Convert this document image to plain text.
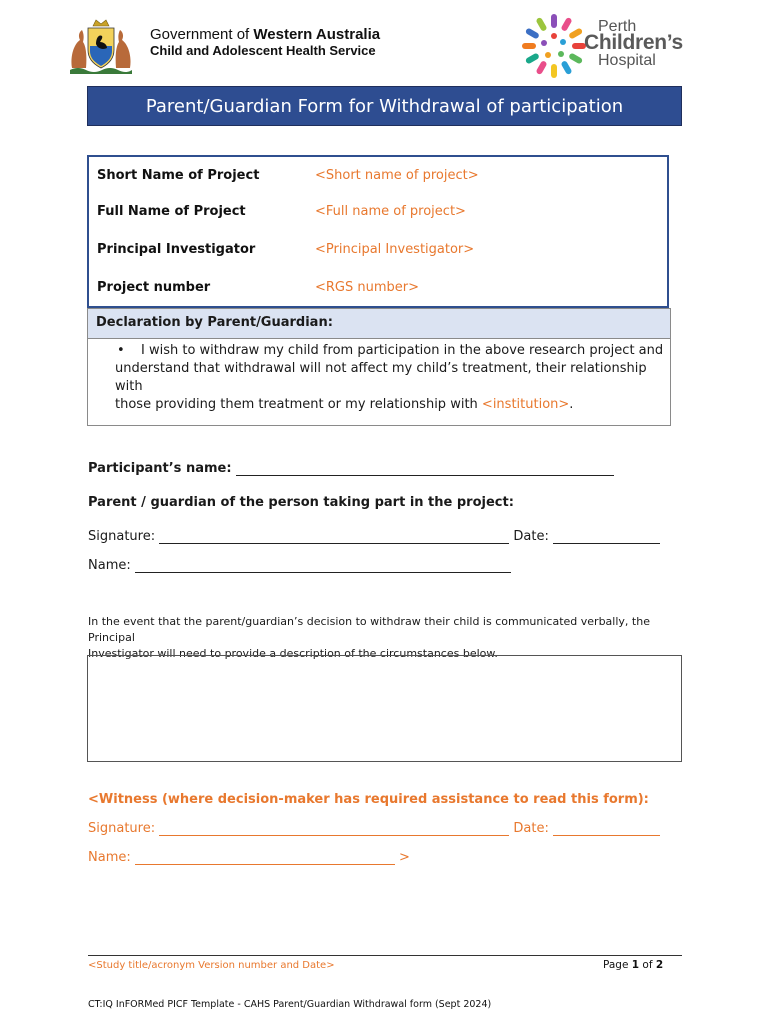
Government of Western Australia
Child and Adolescent Health Service
Perth
Children’s
Hospital
Parent/Guardian Form for Withdrawal of participation
Short Name of Project	<Short name of project>
Full Name of Project	<Full name of project>
Principal Investigator	<Principal Investigator>
Project number	<RGS number>
Declaration by Parent/Guardian:
• I wish to withdraw my child from participation in the above research project and
understand that withdrawal will not affect my child’s treatment, their relationship with
those providing them treatment or my relationship with <institution>.
Participant’s name:
Parent / guardian of the person taking part in the project:
Signature:	Date:
Name:
In the event that the parent/guardian’s decision to withdraw their child is communicated verbally, the Principal
Investigator will need to provide a description of the circumstances below.
<Witness (where decision-maker has required assistance to read this form):
Signature:	Date:
Name:	>
<Study title/acronym Version number and Date>	Page 1 of 2
CT:IQ InFORMed PICF Template - CAHS Parent/Guardian Withdrawal form (Sept 2024)
